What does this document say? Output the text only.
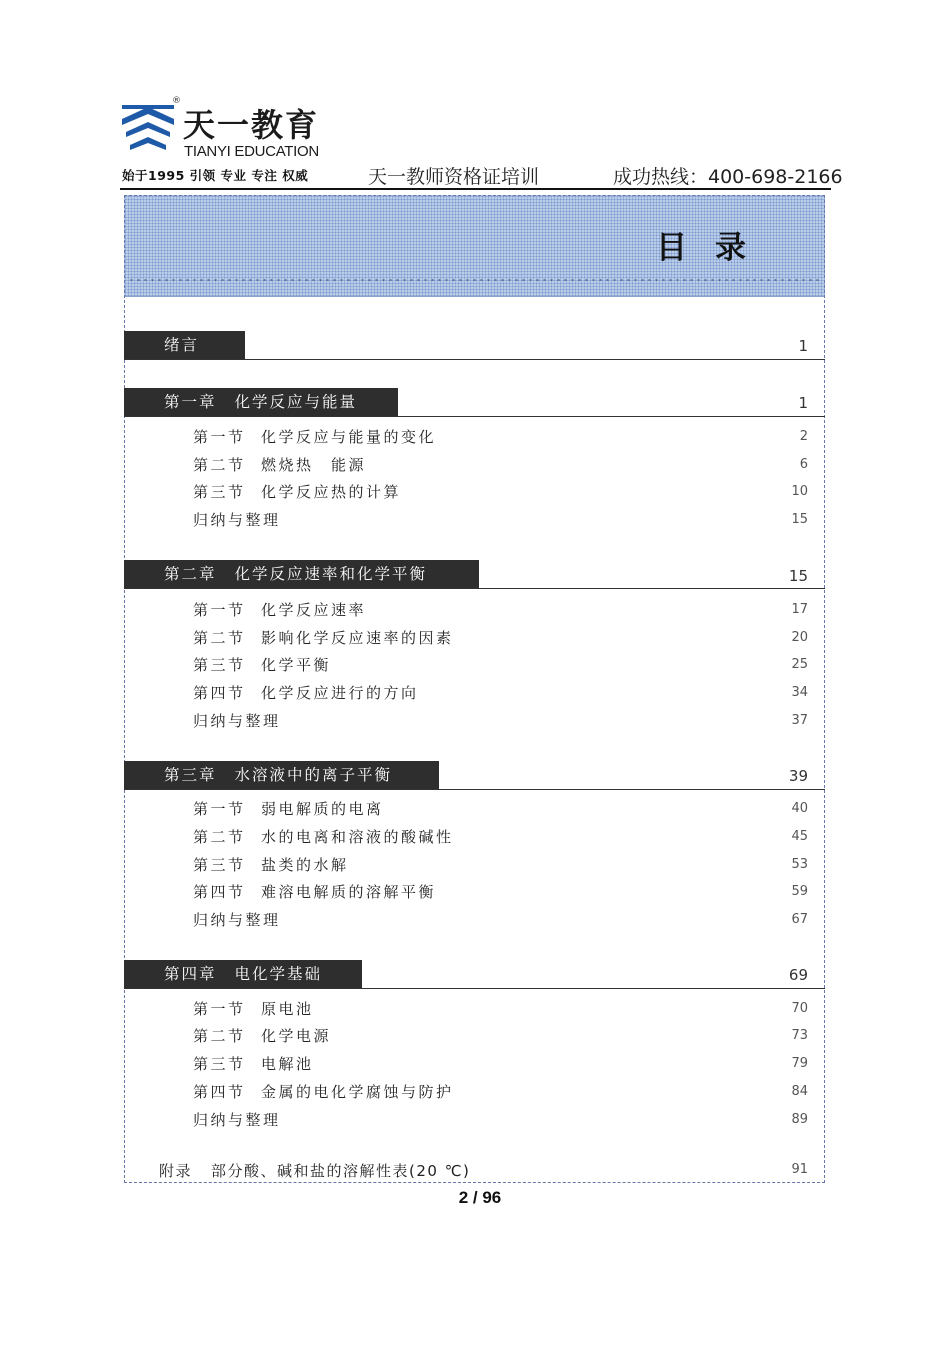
®
天一教育
TIANYI EDUCATION
始于1995 引领 专业 专注 权威	天一教师资格证培训	成功热线：400-698-2166
目录
绪言	1
第一章 化学反应与能量	1
第一节 化学反应与能量的变化	2
第二节 燃烧热　能源	6
第三节 化学反应热的计算	10
归纳与整理	15
第二章 化学反应速率和化学平衡	15
第一节 化学反应速率	17
第二节 影响化学反应速率的因素	20
第三节 化学平衡	25
第四节 化学反应进行的方向	34
归纳与整理	37
第三章 水溶液中的离子平衡	39
第一节 弱电解质的电离	40
第二节 水的电离和溶液的酸碱性	45
第三节 盐类的水解	53
第四节 难溶电解质的溶解平衡	59
归纳与整理	67
第四章 电化学基础	69
第一节 原电池	70
第二节 化学电源	73
第三节 电解池	79
第四节 金属的电化学腐蚀与防护	84
归纳与整理	89
附录 部分酸、碱和盐的溶解性表(20 ℃)	91
2 / 96
